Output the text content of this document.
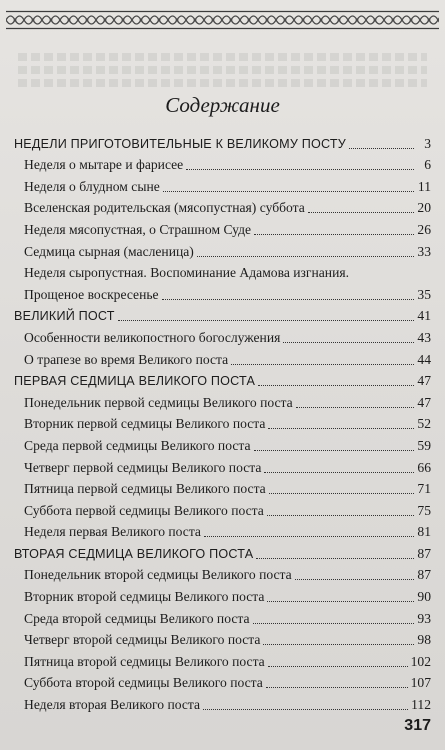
Содержание
НЕДЕЛИ ПРИГОТОВИТЕЛЬНЫЕ К ВЕЛИКОМУ ПОСТУ	3
Неделя о мытаре и фарисее	6
Неделя о блудном сыне	11
Вселенская родительская (мясопустная) суббота	20
Неделя мясопустная, о Страшном Суде	26
Седмица сырная (масленица)	33
Неделя сыропустная. Воспоминание Адамова изгнания.
Прощеное воскресенье	35
ВЕЛИКИЙ ПОСТ	41
Особенности великопостного богослужения	43
О трапезе во время Великого поста	44
ПЕРВАЯ СЕДМИЦА ВЕЛИКОГО ПОСТА	47
Понедельник первой седмицы Великого поста	47
Вторник первой седмицы Великого поста	52
Среда первой седмицы Великого поста	59
Четверг первой седмицы Великого поста	66
Пятница первой седмицы Великого поста	71
Суббота первой седмицы Великого поста	75
Неделя первая Великого поста	81
ВТОРАЯ СЕДМИЦА ВЕЛИКОГО ПОСТА	87
Понедельник второй седмицы Великого поста	87
Вторник второй седмицы Великого поста	90
Среда второй седмицы Великого поста	93
Четверг второй седмицы Великого поста	98
Пятница второй седмицы Великого поста	102
Суббота второй седмицы Великого поста	107
Неделя вторая Великого поста	112
317
